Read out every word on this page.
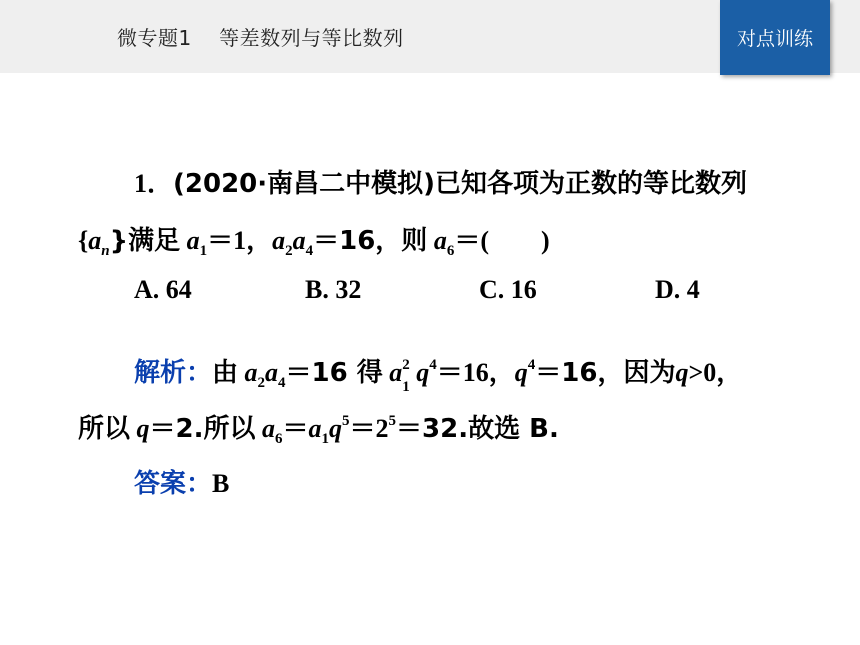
微专题1    等差数列与等比数列	对点训练
1．(2020·南昌二中模拟)已知各项为正数的等比数列
$\{a_n\}$满足 $a_1=1$，$a_2a_4=16$，则 $a_6=$(　　)
A. 64	B. 32	C. 16	D. 4
解析：由 $a_2a_4=16$ 得 a 2
1 $q^4=16$，$q^4=16$，因为q>0，
所以 q＝2.所以 $a_6=a_1q^5=2^5=32$.故选 B.
答案：B
